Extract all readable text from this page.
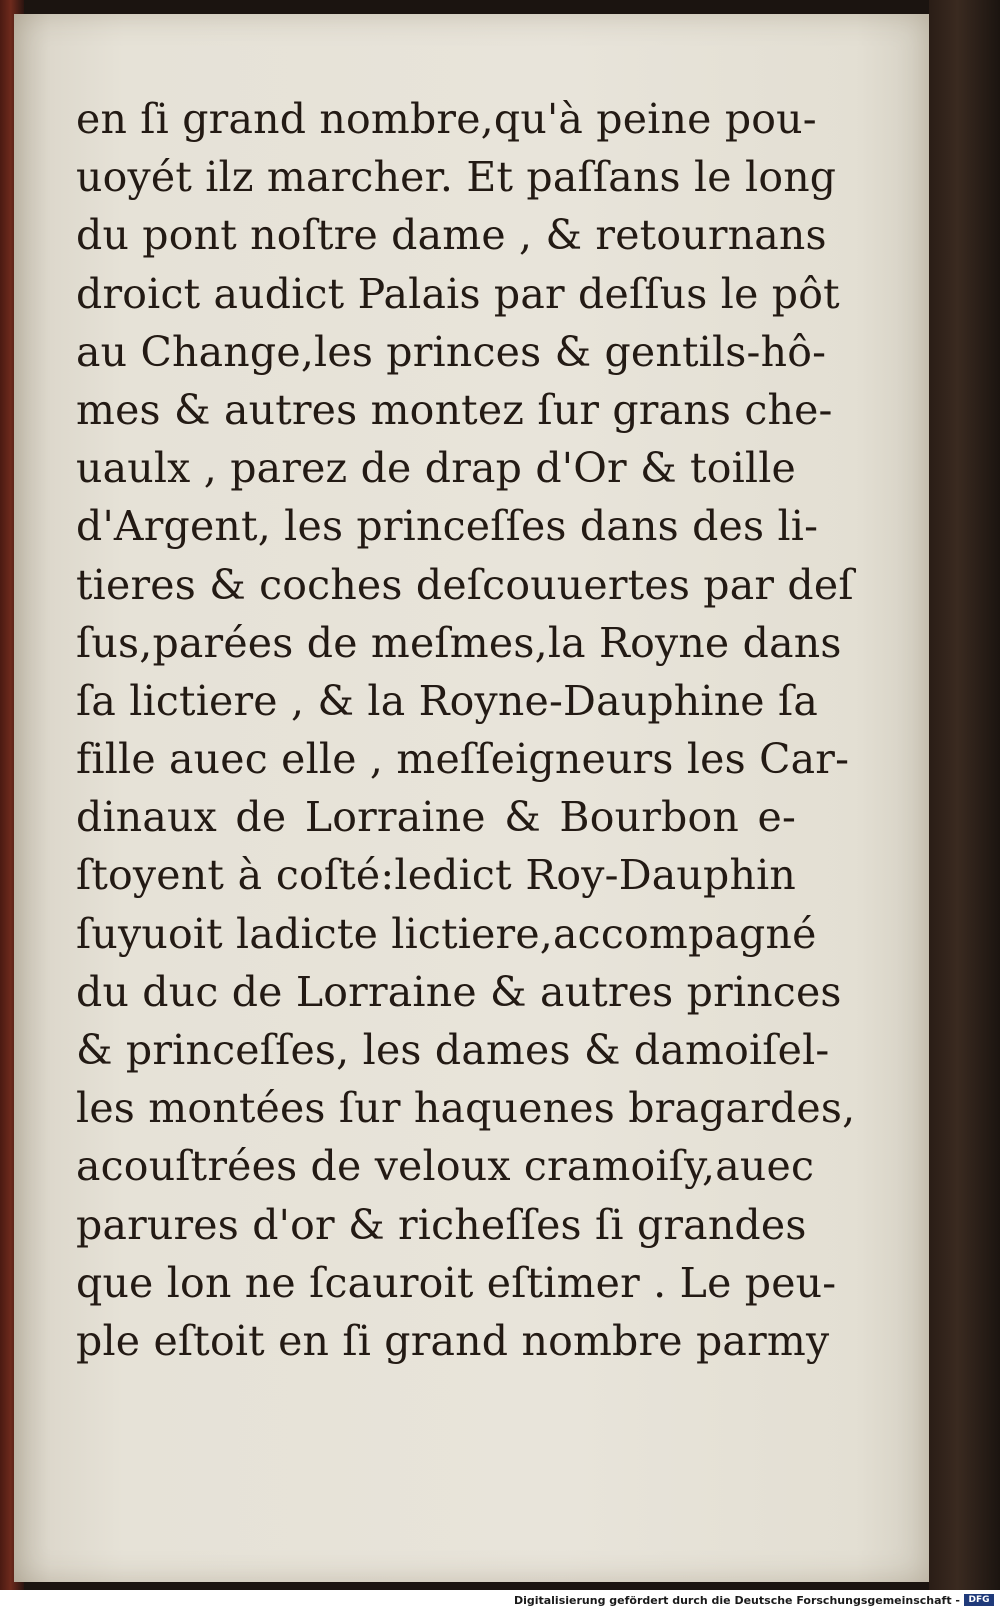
en ſi grand nombre,qu'à peine pou-
uoyét ilz marcher. Et paſſans le long
du pont noſtre dame , & retournans
droict audict Palais par deſſus le pôt
au Change,les princes & gentils-hô-
mes & autres montez ſur grans che-
uaulx , parez de drap d'Or & toille
d'Argent, les princeſſes dans des li-
tieres & coches deſcouuertes par deſ
ſus,parées de meſmes,la Royne dans
ſa lictiere , & la Royne-Dauphine ſa
fille auec elle , meſſeigneurs les Car-
dinaux de Lorraine & Bourbon e-
ſtoyent à coſté:ledict Roy-Dauphin
ſuyuoit ladicte lictiere,accompagné
du duc de Lorraine & autres princes
& princeſſes, les dames & damoiſel-
les montées ſur haquenes bragardes,
acouſtrées de veloux cramoiſy,auec
parures d'or & richeſſes ſi grandes
que lon ne ſcauroit eſtimer . Le peu-
ple eſtoit en ſi grand nombre parmy
Digitalisierung gefördert durch die Deutsche Forschungsgemeinschaft - DFG
